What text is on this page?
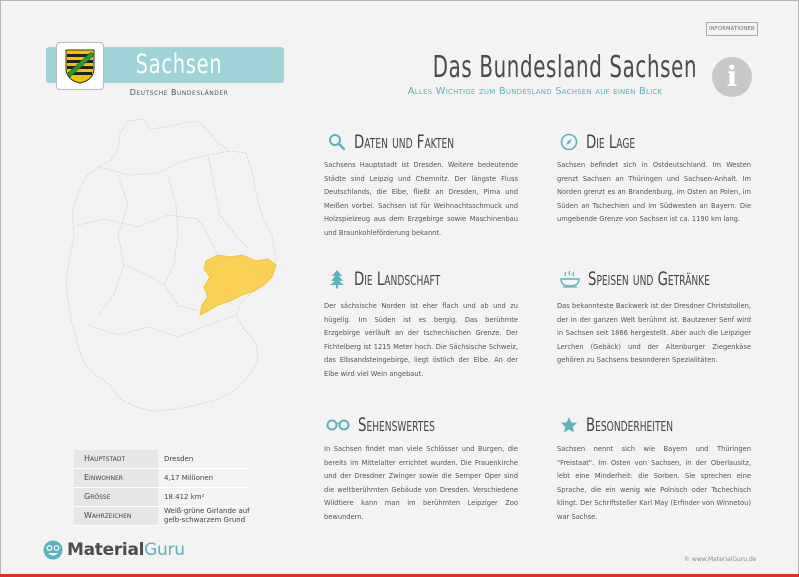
INFORMATIONEN
Sachsen
Deutsche Bundesländer
Das Bundesland Sachsen
Alles Wichtige zum Bundesland Sachsen auf einen Blick	i
Hauptstadt	Dresden
Einwohner	4,17 Millionen
Größe	18.412 km²
Wahrzeichen	Weiß-grüne Girlande auf gelb-schwarzem Grund
MaterialGuru	© www.MaterialGuru.de
Daten und Fakten
Sachsens Hauptstadt ist Dresden. Weitere bedeutende Städte sind Leipzig und Chemnitz. Der längste Fluss Deutschlands, die Elbe, fließt an Dresden, Pirna und Meißen vorbei. Sachsen ist für Weihnachtsschmuck und Holzspielzeug aus dem Erzgebirge sowie Maschinenbau und Braunkohleförderung bekannt.
Die Lage
Sachsen befindet sich in Ostdeutschland. Im Westen grenzt Sachsen an Thüringen und Sachsen-Anhalt. Im Norden grenzt es an Brandenburg, im Osten an Polen, im Süden an Tschechien und im Südwesten an Bayern. Die umgebende Grenze von Sachsen ist ca. 1190 km lang.
Die Landschaft
Der sächsische Norden ist eher flach und ab und zu hügelig. Im Süden ist es bergig. Das berühmte Erzgebirge verläuft an der tschechischen Grenze. Der Fichtelberg ist 1215 Meter hoch. Die Sächsische Schweiz, das Elbsandsteingebirge, liegt östlich der Elbe. An der Elbe wird viel Wein angebaut.
Speisen und Getränke
Das bekannteste Backwerk ist der Dresdner Christstollen, der in der ganzen Welt berühmt ist. Bautzener Senf wird in Sachsen seit 1866 hergestellt. Aber auch die Leipziger Lerchen (Gebäck) und der Altenburger Ziegenkäse gehören zu Sachsens besonderen Spezialitäten.
Sehenswertes
In Sachsen findet man viele Schlösser und Burgen, die bereits im Mittelalter errichtet wurden. Die Frauenkirche und der Dresdner Zwinger sowie die Semper Oper sind die weltberühmten Gebäude von Dresden. Verschiedene Wildtiere kann man im berühmten Leipziger Zoo bewundern.
Besonderheiten
Sachsen nennt sich wie Bayern und Thüringen "Freistaat". Im Osten von Sachsen, in der Oberlausitz, lebt eine Minderheit: die Sorben. Sie sprechen eine Sprache, die ein wenig wie Polnisch oder Tschechisch klingt. Der Schriftsteller Karl May (Erfinder von Winnetou) war Sachse.
